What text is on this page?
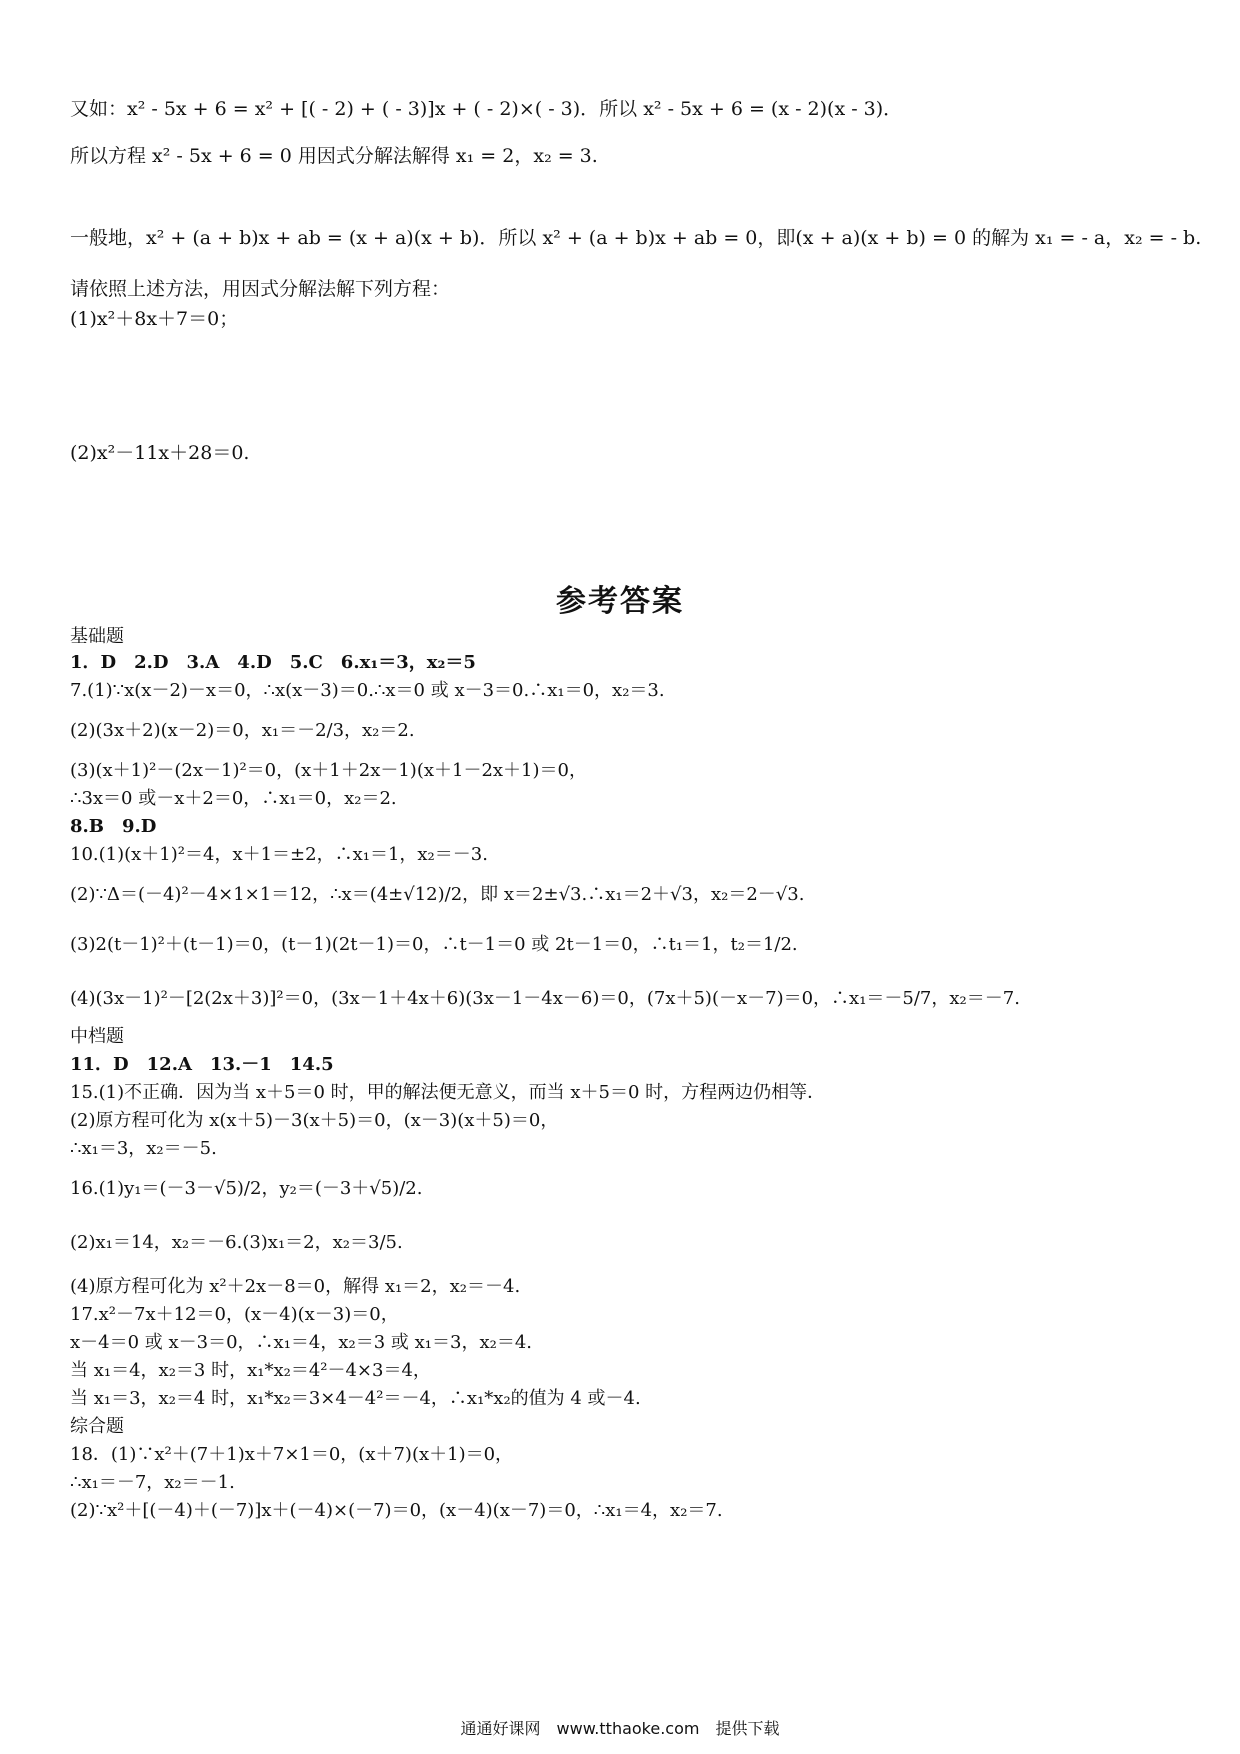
又如：x² - 5x + 6 = x² + [( - 2) + ( - 3)]x + ( - 2)×( - 3)．所以 x² - 5x + 6 = (x - 2)(x - 3)．
所以方程 x² - 5x + 6 = 0 用因式分解法解得 x₁ = 2，x₂ = 3.
一般地，x² + (a + b)x + ab = (x + a)(x + b)．所以 x² + (a + b)x + ab = 0，即(x + a)(x + b) = 0 的解为 x₁ = - a，x₂ = - b.
请依照上述方法，用因式分解法解下列方程：
(1)x²＋8x＋7＝0；
(2)x²－11x＋28＝0.
参考答案
基础题
1．D　2.D　3.A　4.D　5.C　6.x₁＝3，x₂＝5
7.(1)∵x(x－2)－x＝0，∴x(x－3)＝0.∴x＝0 或 x－3＝0.∴x₁＝0，x₂＝3.
(2)(3x＋2)(x－2)＝0，x₁＝－2/3，x₂＝2.
(3)(x＋1)²－(2x－1)²＝0，(x＋1＋2x－1)(x＋1－2x＋1)＝0，
∴3x＝0 或－x＋2＝0，∴x₁＝0，x₂＝2.
8.B　9.D
10.(1)(x＋1)²＝4，x＋1＝±2，∴x₁＝1，x₂＝－3.
(2)∵Δ＝(－4)²－4×1×1＝12，∴x＝(4±√12)/2，即 x＝2±√3.∴x₁＝2＋√3，x₂＝2－√3.
(3)2(t－1)²＋(t－1)＝0，(t－1)(2t－1)＝0，∴t－1＝0 或 2t－1＝0，∴t₁＝1，t₂＝1/2.
(4)(3x－1)²－[2(2x＋3)]²＝0，(3x－1＋4x＋6)(3x－1－4x－6)＝0，(7x＋5)(－x－7)＝0，∴x₁＝－5/7，x₂＝－7.
中档题
11．D　12.A　13.－1　14.5
15.(1)不正确．因为当 x＋5＝0 时，甲的解法便无意义，而当 x＋5＝0 时，方程两边仍相等．
(2)原方程可化为 x(x＋5)－3(x＋5)＝0，(x－3)(x＋5)＝0，
∴x₁＝3，x₂＝－5.
16.(1)y₁＝(－3－√5)/2，y₂＝(－3＋√5)/2.
(2)x₁＝14，x₂＝－6.(3)x₁＝2，x₂＝3/5.
(4)原方程可化为 x²＋2x－8＝0，解得 x₁＝2，x₂＝－4.
17.x²－7x＋12＝0，(x－4)(x－3)＝0，
x－4＝0 或 x－3＝0，∴x₁＝4，x₂＝3 或 x₁＝3，x₂＝4.
当 x₁＝4，x₂＝3 时，x₁*x₂＝4²－4×3＝4，
当 x₁＝3，x₂＝4 时，x₁*x₂＝3×4－4²＝－4，∴x₁*x₂的值为 4 或－4.
综合题
18．(1)∵x²＋(7＋1)x＋7×1＝0，(x＋7)(x＋1)＝0，
∴x₁＝－7，x₂＝－1.
(2)∵x²＋[(－4)＋(－7)]x＋(－4)×(－7)＝0，(x－4)(x－7)＝0，∴x₁＝4，x₂＝7.
通通好课网　www.tthaoke.com　提供下载
